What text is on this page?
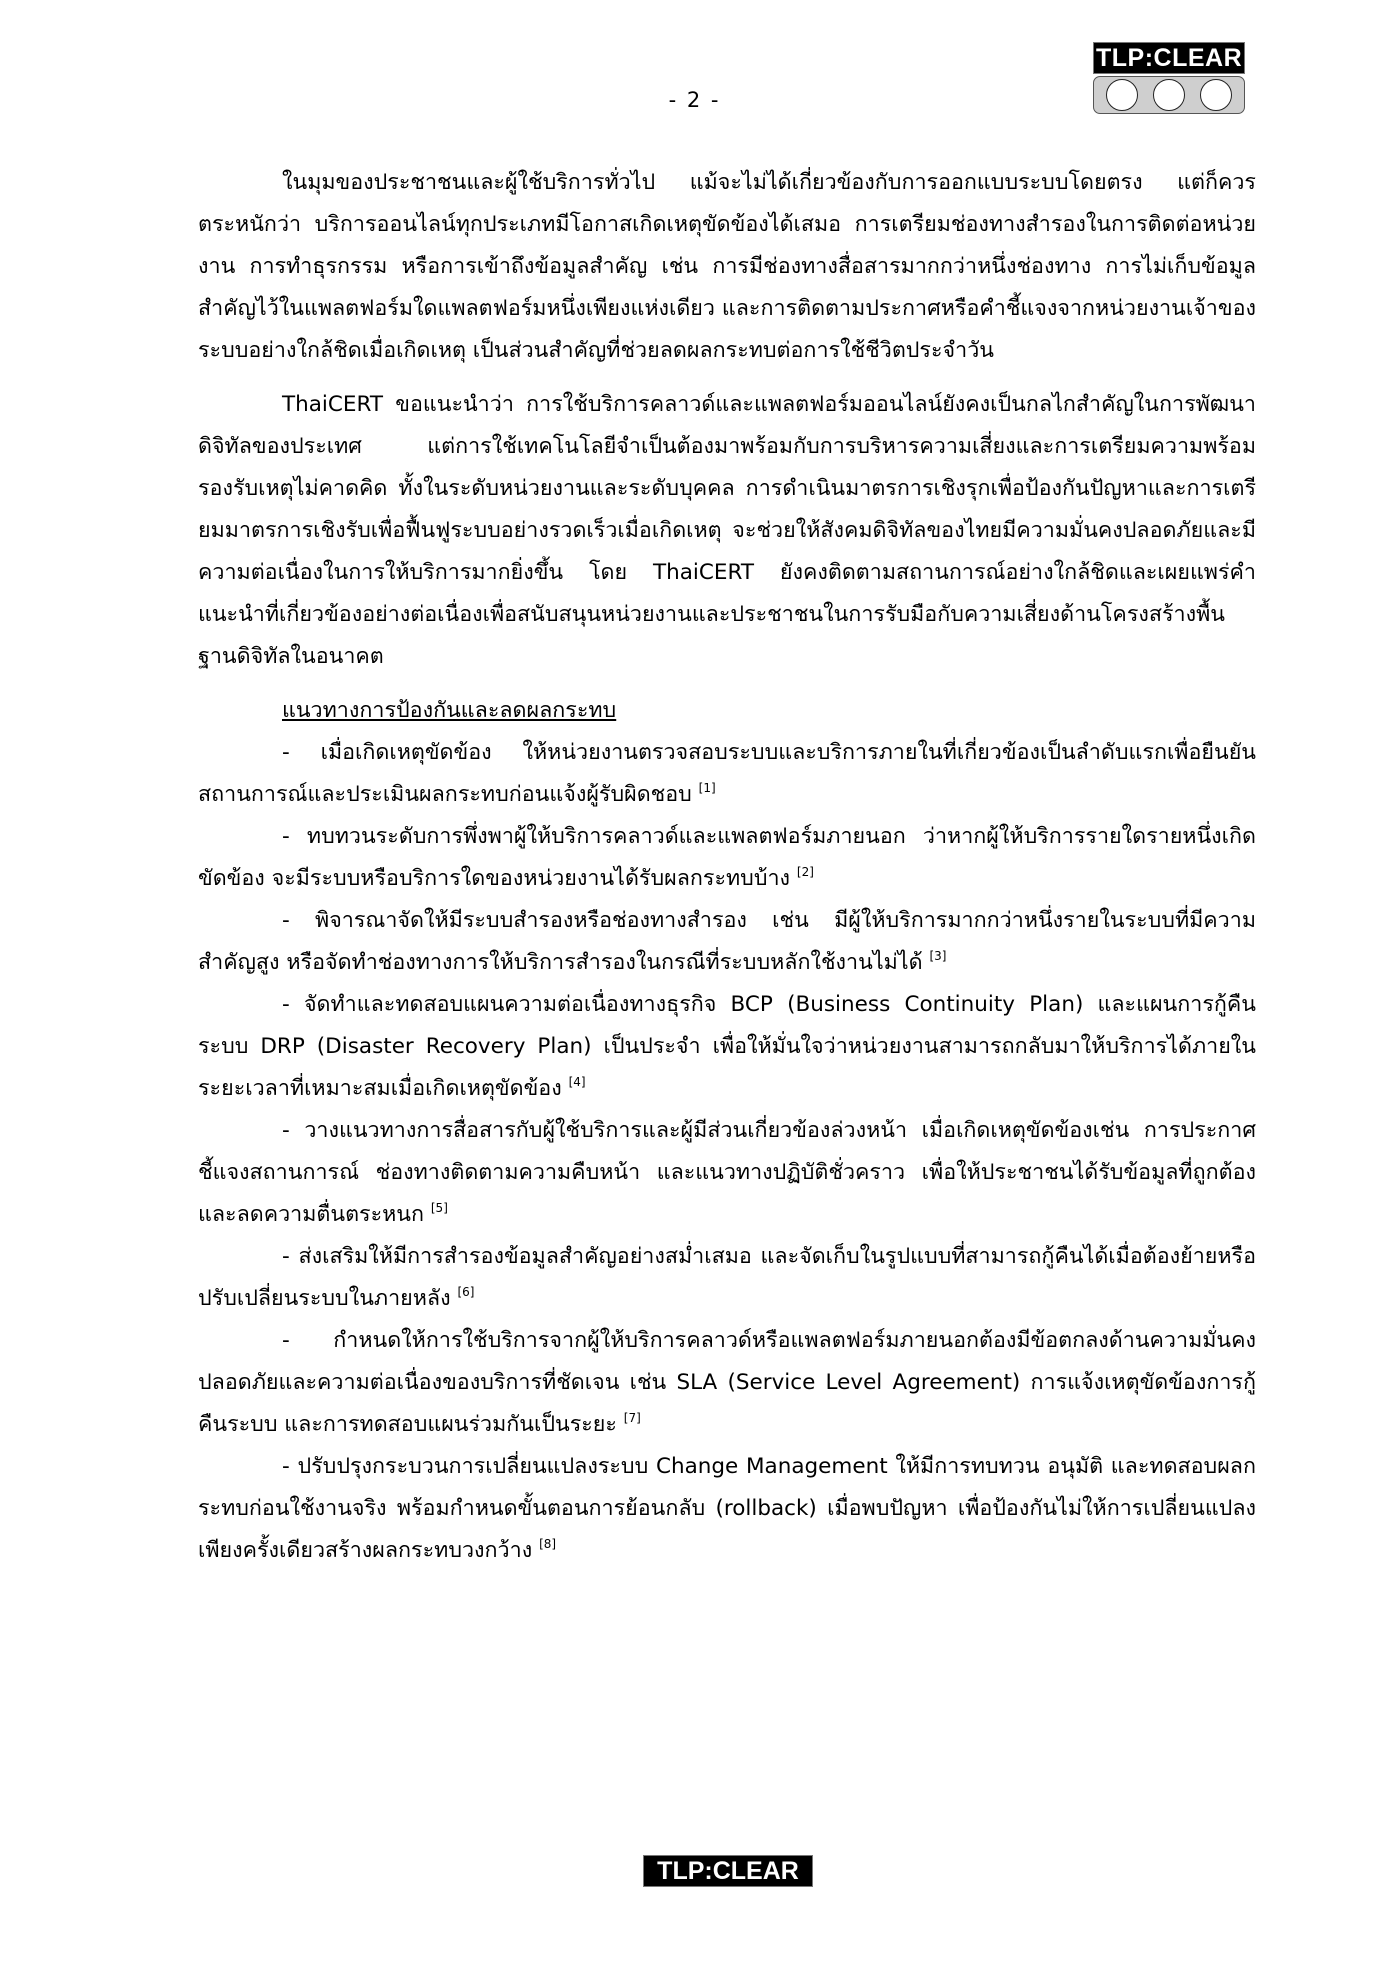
TLP:CLEAR
- 2 -

ในมุมของประชาชนและผู้ใช้บริการทั่วไป แม้จะไม่ได้เกี่ยวข้องกับการออกแบบระบบโดยตรง แต่ก็ควรตระหนักว่า บริการออนไลน์ทุกประเภทมีโอกาสเกิดเหตุขัดข้องได้เสมอ การเตรียมช่องทางสำรองในการติดต่อหน่วยงาน การทำธุรกรรม หรือการเข้าถึงข้อมูลสำคัญ เช่น การมีช่องทางสื่อสารมากกว่าหนึ่งช่องทาง การไม่เก็บข้อมูลสำคัญไว้ในแพลตฟอร์มใดแพลตฟอร์มหนึ่งเพียงแห่งเดียว และการติดตามประกาศหรือคำชี้แจงจากหน่วยงานเจ้าของระบบอย่างใกล้ชิดเมื่อเกิดเหตุ เป็นส่วนสำคัญที่ช่วยลดผลกระทบต่อการใช้ชีวิตประจำวัน

ThaiCERT ขอแนะนำว่า การใช้บริการคลาวด์และแพลตฟอร์มออนไลน์ยังคงเป็นกลไกสำคัญในการพัฒนาดิจิทัลของประเทศ แต่การใช้เทคโนโลยีจำเป็นต้องมาพร้อมกับการบริหารความเสี่ยงและการเตรียมความพร้อมรองรับเหตุไม่คาดคิด ทั้งในระดับหน่วยงานและระดับบุคคล การดำเนินมาตรการเชิงรุกเพื่อป้องกันปัญหาและการเตรียมมาตรการเชิงรับเพื่อฟื้นฟูระบบอย่างรวดเร็วเมื่อเกิดเหตุ จะช่วยให้สังคมดิจิทัลของไทยมีความมั่นคงปลอดภัยและมีความต่อเนื่องในการให้บริการมากยิ่งขึ้น โดย ThaiCERT ยังคงติดตามสถานการณ์อย่างใกล้ชิดและเผยแพร่คำแนะนำที่เกี่ยวข้องอย่างต่อเนื่องเพื่อสนับสนุนหน่วยงานและประชาชนในการรับมือกับความเสี่ยงด้านโครงสร้างพื้นฐานดิจิทัลในอนาคต

แนวทางการป้องกันและลดผลกระทบ

- เมื่อเกิดเหตุขัดข้อง ให้หน่วยงานตรวจสอบระบบและบริการภายในที่เกี่ยวข้องเป็นลำดับแรกเพื่อยืนยันสถานการณ์และประเมินผลกระทบก่อนแจ้งผู้รับผิดชอบ [1]

- ทบทวนระดับการพึ่งพาผู้ให้บริการคลาวด์และแพลตฟอร์มภายนอก ว่าหากผู้ให้บริการรายใดรายหนึ่งเกิดขัดข้อง จะมีระบบหรือบริการใดของหน่วยงานได้รับผลกระทบบ้าง [2]

- พิจารณาจัดให้มีระบบสำรองหรือช่องทางสำรอง เช่น มีผู้ให้บริการมากกว่าหนึ่งรายในระบบที่มีความสำคัญสูง หรือจัดทำช่องทางการให้บริการสำรองในกรณีที่ระบบหลักใช้งานไม่ได้ [3]

- จัดทำและทดสอบแผนความต่อเนื่องทางธุรกิจ BCP (Business Continuity Plan) และแผนการกู้คืนระบบ DRP (Disaster Recovery Plan) เป็นประจำ เพื่อให้มั่นใจว่าหน่วยงานสามารถกลับมาให้บริการได้ภายในระยะเวลาที่เหมาะสมเมื่อเกิดเหตุขัดข้อง [4]

- วางแนวทางการสื่อสารกับผู้ใช้บริการและผู้มีส่วนเกี่ยวข้องล่วงหน้า เมื่อเกิดเหตุขัดข้องเช่น การประกาศชี้แจงสถานการณ์ ช่องทางติดตามความคืบหน้า และแนวทางปฏิบัติชั่วคราว เพื่อให้ประชาชนได้รับข้อมูลที่ถูกต้องและลดความตื่นตระหนก [5]

- ส่งเสริมให้มีการสำรองข้อมูลสำคัญอย่างสม่ำเสมอ และจัดเก็บในรูปแบบที่สามารถกู้คืนได้เมื่อต้องย้ายหรือปรับเปลี่ยนระบบในภายหลัง [6]

- กำหนดให้การใช้บริการจากผู้ให้บริการคลาวด์หรือแพลตฟอร์มภายนอกต้องมีข้อตกลงด้านความมั่นคงปลอดภัยและความต่อเนื่องของบริการที่ชัดเจน เช่น SLA (Service Level Agreement) การแจ้งเหตุขัดข้องการกู้คืนระบบ และการทดสอบแผนร่วมกันเป็นระยะ [7]

- ปรับปรุงกระบวนการเปลี่ยนแปลงระบบ Change Management ให้มีการทบทวน อนุมัติ และทดสอบผลกระทบก่อนใช้งานจริง พร้อมกำหนดขั้นตอนการย้อนกลับ (rollback) เมื่อพบปัญหา เพื่อป้องกันไม่ให้การเปลี่ยนแปลงเพียงครั้งเดียวสร้างผลกระทบวงกว้าง [8]

TLP:CLEAR
